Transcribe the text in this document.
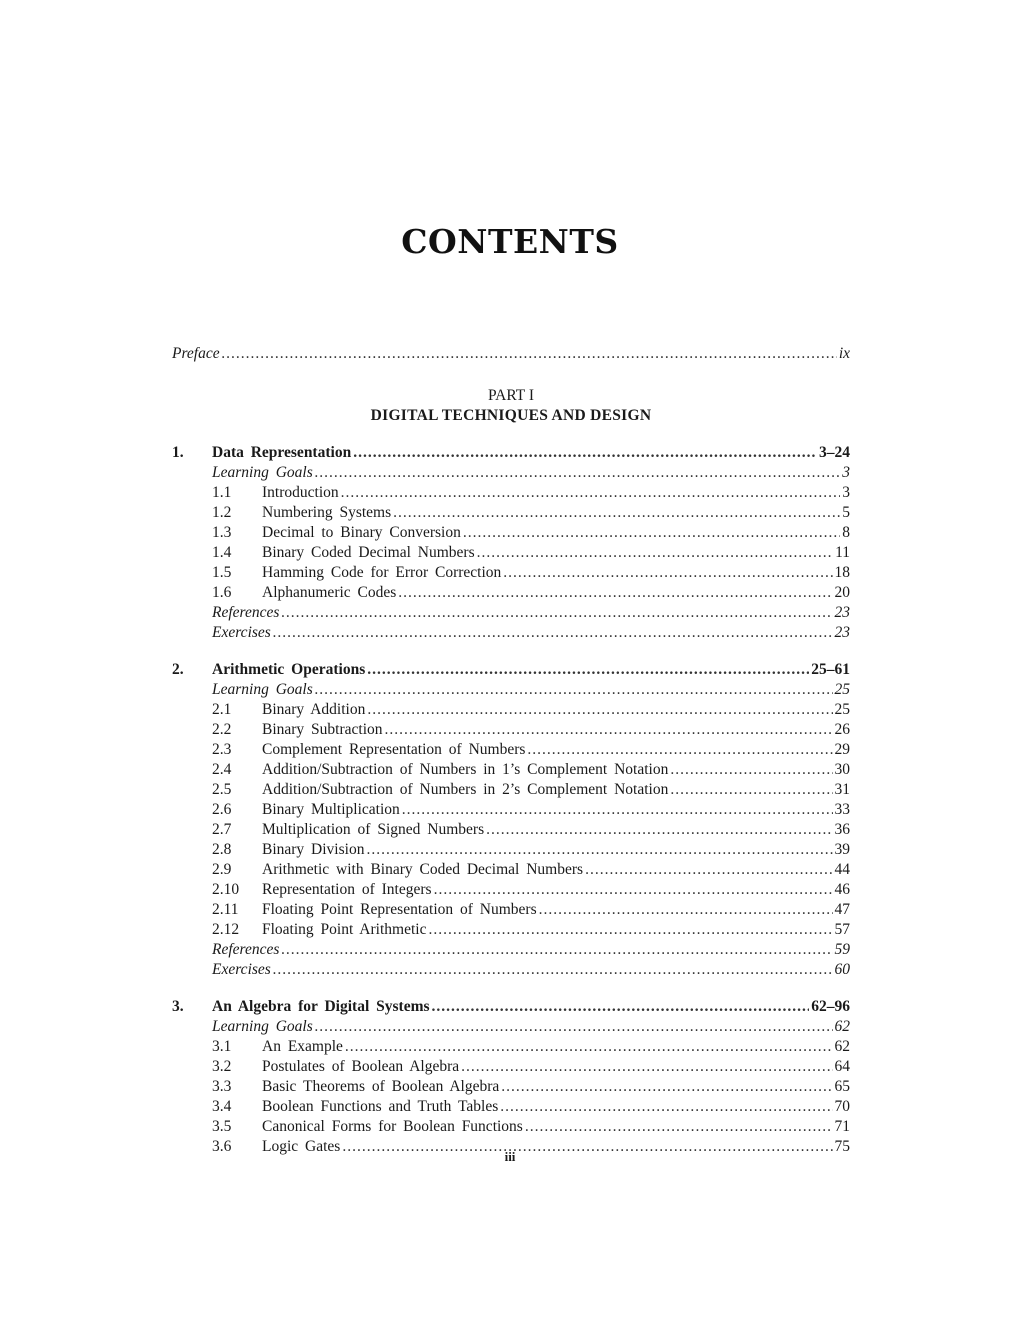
CONTENTS
Preface .....	ix
PART I
DIGITAL TECHNIQUES AND DESIGN
1.	Data Representation .....	3–24
Learning Goals .....	3
1.1	Introduction .....	3
1.2	Numbering Systems .....	5
1.3	Decimal to Binary Conversion .....	8
1.4	Binary Coded Decimal Numbers .....	11
1.5	Hamming Code for Error Correction .....	18
1.6	Alphanumeric Codes .....	20
References .....	23
Exercises .....	23
2.	Arithmetic Operations .....	25–61
Learning Goals .....	25
2.1	Binary Addition .....	25
2.2	Binary Subtraction .....	26
2.3	Complement Representation of Numbers .....	29
2.4	Addition/Subtraction of Numbers in 1’s Complement Notation .....	30
2.5	Addition/Subtraction of Numbers in 2’s Complement Notation .....	31
2.6	Binary Multiplication .....	33
2.7	Multiplication of Signed Numbers .....	36
2.8	Binary Division .....	39
2.9	Arithmetic with Binary Coded Decimal Numbers .....	44
2.10	Representation of Integers .....	46
2.11	Floating Point Representation of Numbers .....	47
2.12	Floating Point Arithmetic .....	57
References .....	59
Exercises .....	60
3.	An Algebra for Digital Systems .....	62–96
Learning Goals .....	62
3.1	An Example .....	62
3.2	Postulates of Boolean Algebra .....	64
3.3	Basic Theorems of Boolean Algebra .....	65
3.4	Boolean Functions and Truth Tables .....	70
3.5	Canonical Forms for Boolean Functions .....	71
3.6	Logic Gates .....	75
iii
